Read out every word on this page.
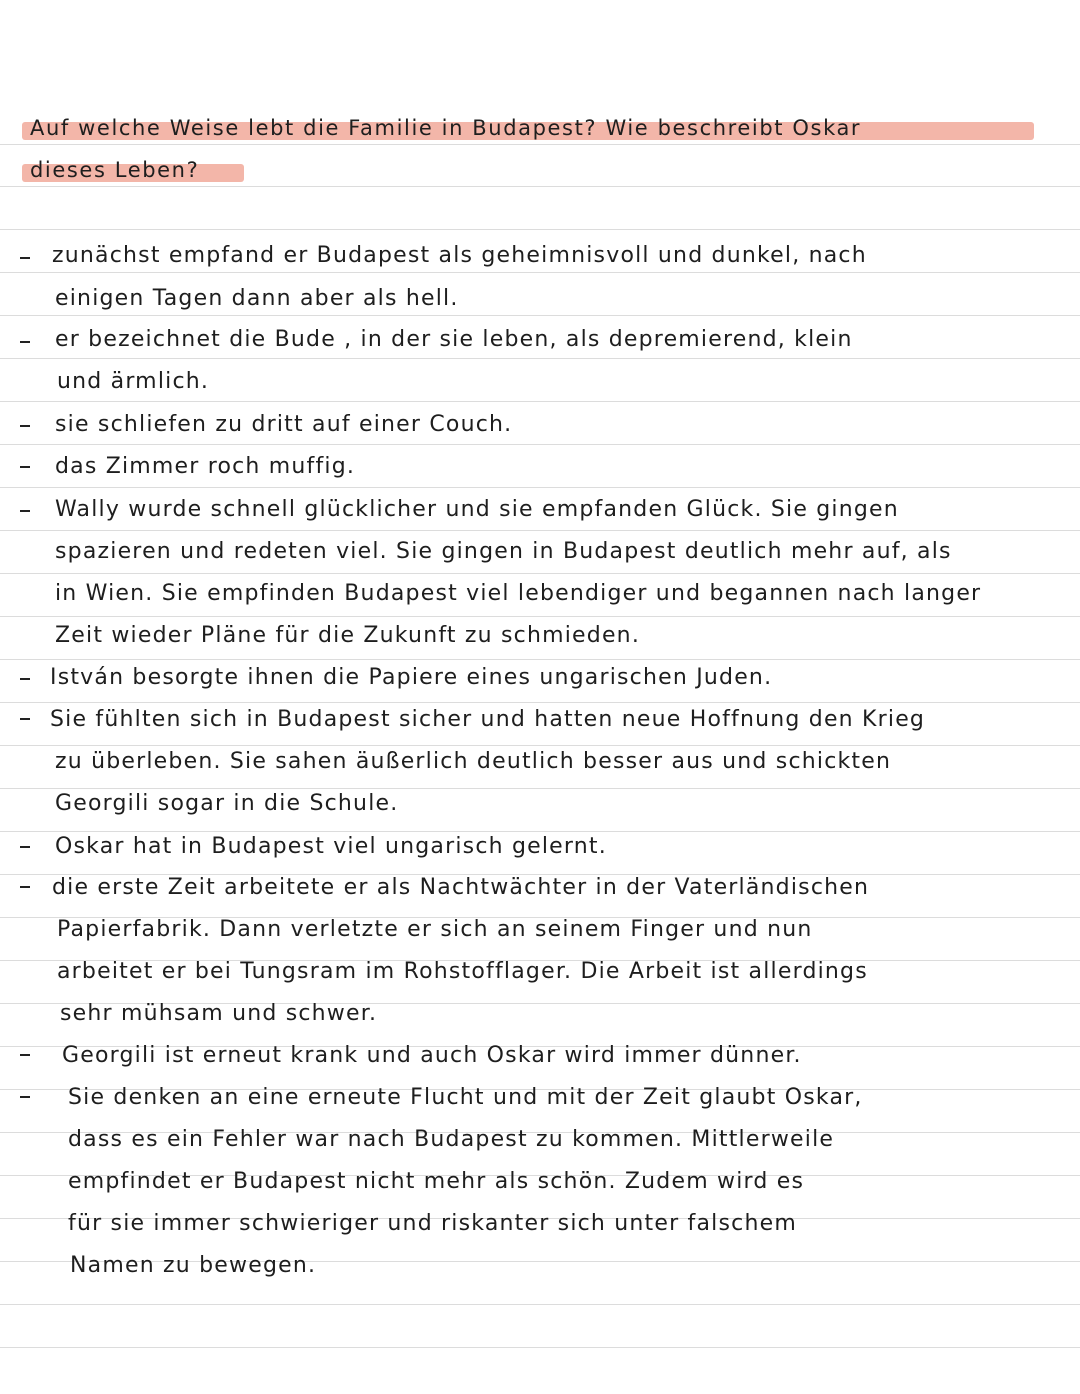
Auf welche Weise lebt die Familie in Budapest? Wie beschreibt Oskar
dieses Leben?
zunächst empfand er Budapest als geheimnisvoll und dunkel, nach
einigen Tagen dann aber als hell.
er bezeichnet die Bude , in der sie leben, als depremierend, klein
und ärmlich.
sie schliefen zu dritt auf einer Couch.
das Zimmer roch muffig.
Wally wurde schnell glücklicher und sie empfanden Glück. Sie gingen
spazieren und redeten viel. Sie gingen in Budapest deutlich mehr auf, als
in Wien. Sie empfinden Budapest viel lebendiger und begannen nach langer
Zeit wieder Pläne für die Zukunft zu schmieden.
István besorgte ihnen die Papiere eines ungarischen Juden.
Sie fühlten sich in Budapest sicher und hatten neue Hoffnung den Krieg
zu überleben. Sie sahen äußerlich deutlich besser aus und schickten
Georgili sogar in die Schule.
Oskar hat in Budapest viel ungarisch gelernt.
die erste Zeit arbeitete er als Nachtwächter in der Vaterländischen
Papierfabrik. Dann verletzte er sich an seinem Finger und nun
arbeitet er bei Tungsram im Rohstofflager. Die Arbeit ist allerdings
sehr mühsam und schwer.
Georgili ist erneut krank und auch Oskar wird immer dünner.
Sie denken an eine erneute Flucht und mit der Zeit glaubt Oskar,
dass es ein Fehler war nach Budapest zu kommen. Mittlerweile
empfindet er Budapest nicht mehr als schön. Zudem wird es
für sie immer schwieriger und riskanter sich unter falschem
Namen zu bewegen.
